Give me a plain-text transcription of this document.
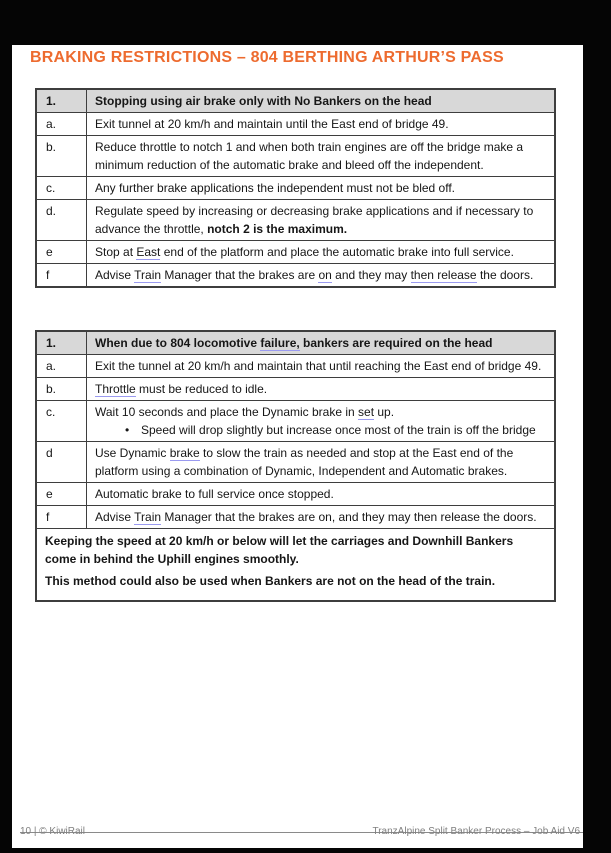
BRAKING RESTRICTIONS – 804 BERTHING ARTHUR’S PASS
1.	Stopping using air brake only with No Bankers on the head
a.	Exit tunnel at 20 km/h and maintain until the East end of bridge 49.

b.	Reduce throttle to notch 1 and when both train engines are off the bridge make a minimum reduction of the automatic brake and bleed off the independent.

c.	Any further brake applications the independent must not be bled off.

d.	Regulate speed by increasing or decreasing brake applications and if necessary to advance the throttle, notch 2 is the maximum.

e	Stop at East end of the platform and place the automatic brake into full service.

f	Advise Train Manager that the brakes are on and they may then release the doors.
1.	When due to 804 locomotive failure, bankers are required on the head
a.	Exit the tunnel at 20 km/h and maintain that until reaching the East end of bridge 49.

b.	Throttle must be reduced to idle.

c.	Wait 10 seconds and place the Dynamic brake in set up.
• Speed will drop slightly but increase once most of the train is off the bridge

d	Use Dynamic brake to slow the train as needed and stop at the East end of the platform using a combination of Dynamic, Independent and Automatic brakes.

e	Automatic brake to full service once stopped.

f	Advise Train Manager that the brakes are on, and they may then release the doors.

Keeping the speed at 20 km/h or below will let the carriages and Downhill Bankers come in behind the Uphill engines smoothly.
This method could also be used when Bankers are not on the head of the train.	
10 | © KiwiRail	TranzAlpine Split Banker Process – Job Aid V6
